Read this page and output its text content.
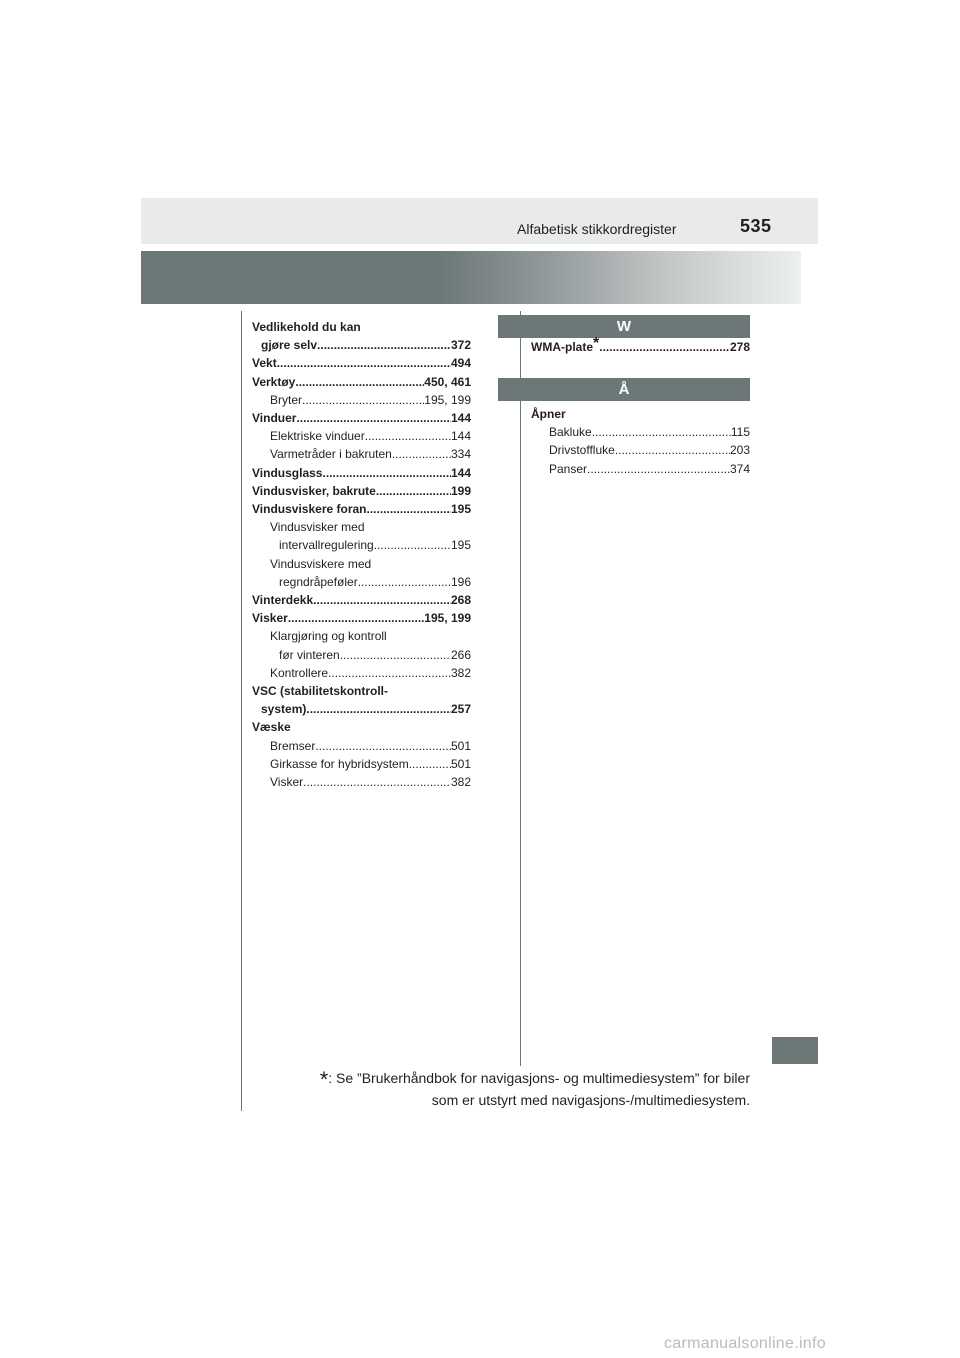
Alfabetisk stikkordregister	535
Vedlikehold du kan
gjøre selv .....	372
Vekt .....	494
Verktøy .....	450, 461
Bryter .....	195, 199
Vinduer .....	144
Elektriske vinduer .....	144
Varmetråder i bakruten .....	334
Vindusglass .....	144
Vindusvisker, bakrute .....	199
Vindusviskere foran .....	195
Vindusvisker med
intervallregulering .....	195
Vindusviskere med
regndråpeføler .....	196
Vinterdekk .....	268
Visker .....	195, 199
Klargjøring og kontroll
før vinteren .....	266
Kontrollere .....	382
VSC (stabilitetskontroll-
system) .....	257
Væske
Bremser .....	501
Girkasse for hybridsystem .....	501
Visker .....	382
W
WMA-plate* .....	278
Å
Åpner
Bakluke .....	115
Drivstoffluke .....	203
Panser .....	374
*: Se ”Brukerhåndbok for navigasjons- og multimediesystem” for biler
som er utstyrt med navigasjons-/multimediesystem.
carmanualsonline.info
